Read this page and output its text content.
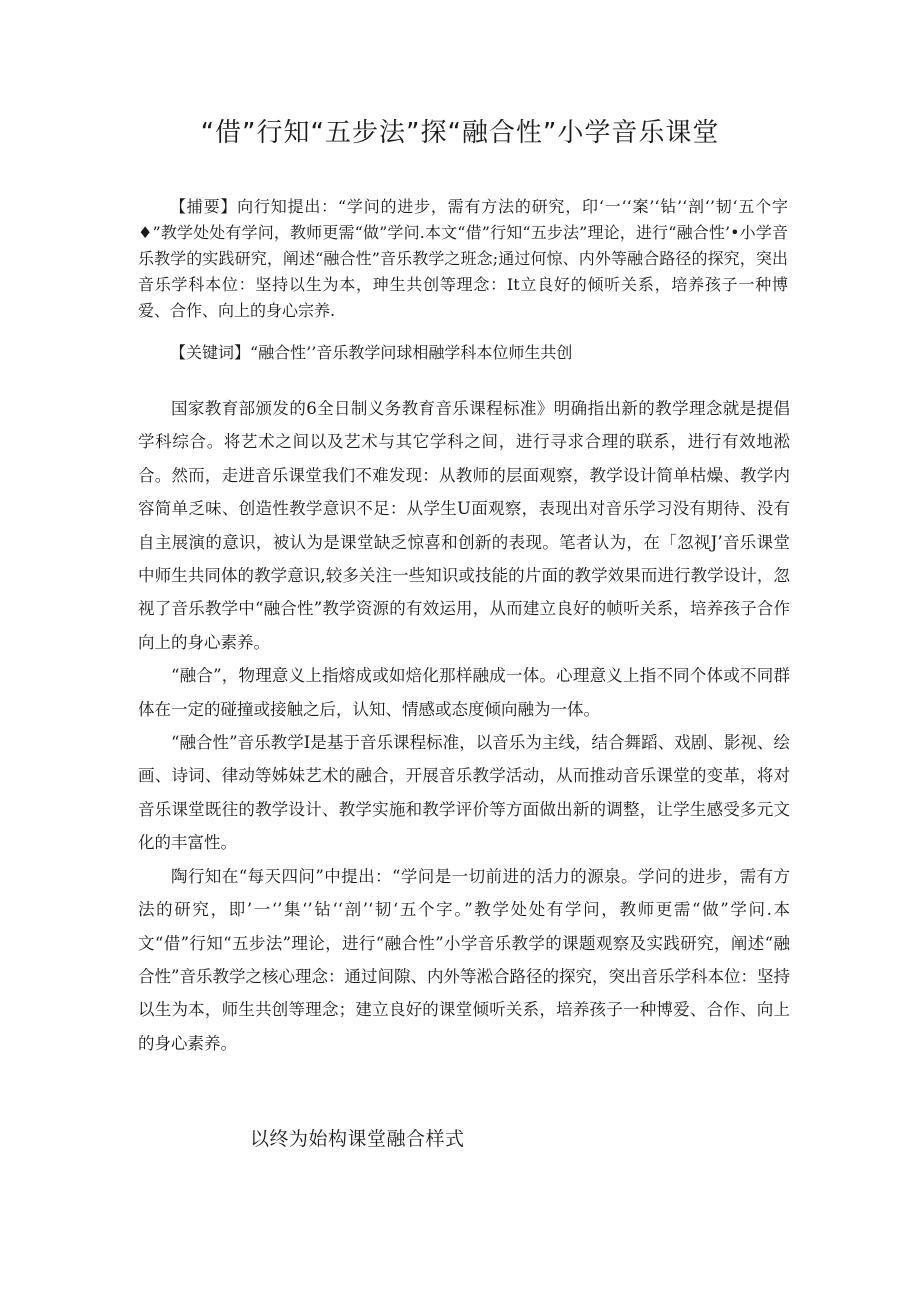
“借”行知“五步法”探“融合性”小学音乐课堂

【捕要】向行知提出：“学问的进步，需有方法的研究，印‘一‘‘案’‘钻’‘剖‘’韧‘五个字♦”教学处处有学问，教师更需“做”学问.本文“借”行知“五步法”理论，进行“融合性’•小学音乐教学的实践研究，阐述“融合性”音乐教学之班念;通过何惊、内外等融合路径的探究，突出音乐学科本位：坚持以生为本，珅生共创等理念：It立良好的倾听关系，培养孩子一种博爱、合作、向上的身心宗养.

【关键词】“融合性’’音乐教学问球相融学科本位师生共创

国家教育部颁发的6全日制义务教育音乐课程标准》明确指出新的教学理念就是提倡学科综合。将艺术之间以及艺术与其它学科之间，进行寻求合理的联系，进行有效地淞合。然而，走进音乐课堂我们不难发现：从教师的层面观察，教学设计简单枯燥、教学内容简单乏味、创造性教学意识不足：从学生U面观察，表现出对音乐学习没有期待、没有自主展演的意识，被认为是课堂缺乏惊喜和创新的表现。笔者认为，在「忽视J’音乐课堂中师生共同体的教学意识,较多关注一些知识或技能的片面的教学效果而进行教学设计，忽视了音乐教学中“融合性”教学资源的有效运用，从而建立良好的帧听关系，培养孩子合作向上的身心素养。

“融合”，物理意义上指熔成或如焙化那样融成一体。心理意义上指不同个体或不同群体在一定的碰撞或接触之后，认知、情感或态度倾向融为一体。

“融合性”音乐教学I是基于音乐课程标准，以音乐为主线，结合舞蹈、戏剧、影视、绘画、诗词、律动等姊妹艺术的融合，开展音乐教学活动，从而推动音乐课堂的变革，将对音乐课堂既往的教学设计、教学实施和教学评价等方面做出新的调整，让学生感受多元文化的丰富性。

陶行知在“每天四问”中提出：“学问是一切前进的活力的源泉。学问的进步，需有方法的研究，即’一‘’集‘’钻‘‘剖’‘韧‘五个字。”教学处处有学问，教师更需“做”学问.本文“借”行知“五步法”理论，进行“融合性”小学音乐教学的课题观察及实践研究，阐述“融合性”音乐教学之核心理念：通过间隙、内外等淞合路径的探究，突出音乐学科本位：坚持以生为本，师生共创等理念；建立良好的课堂倾听关系，培养孩子一种博爱、合作、向上的身心素养。

以终为始构课堂融合样式
